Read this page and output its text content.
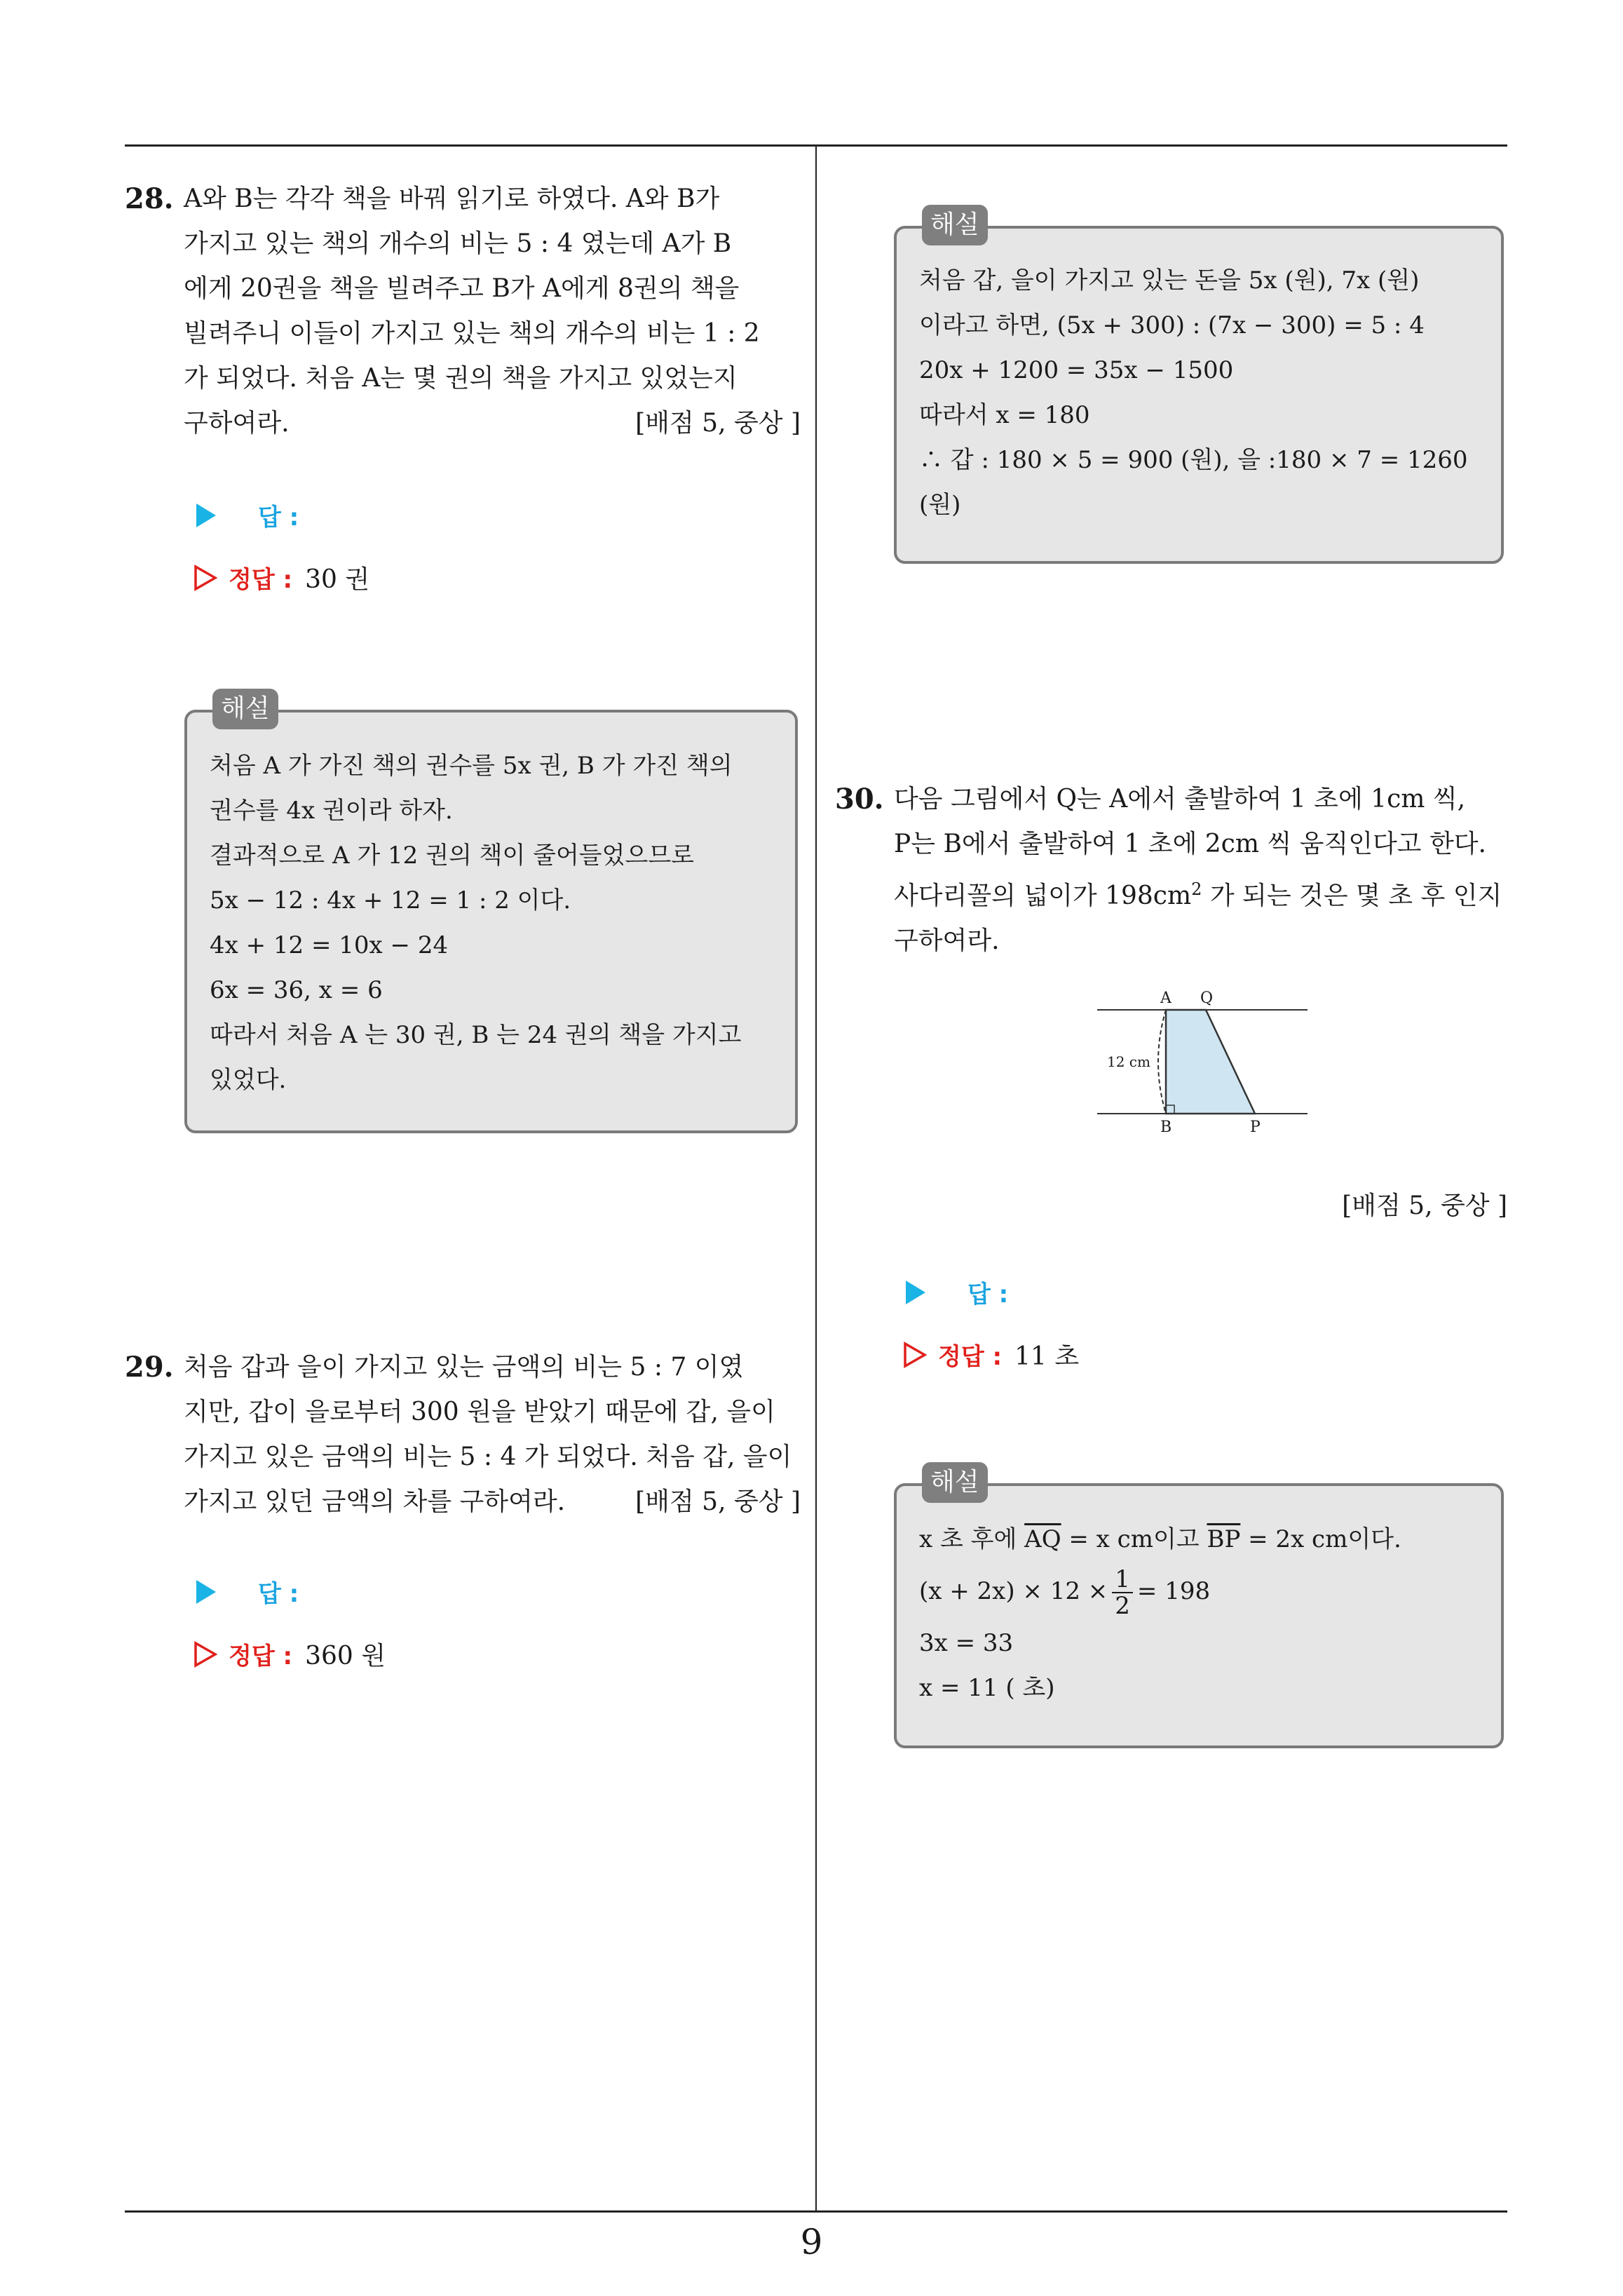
28. A와 B는 각각 책을 바꿔 읽기로 하였다. A와 B가
가지고 있는 책의 개수의 비는 5 : 4 였는데 A가 B
에게 20권을 책을 빌려주고 B가 A에게 8권의 책을
빌려주니 이들이 가지고 있는 책의 개수의 비는 1 : 2
가 되었다. 처음 A는 몇 권의 책을 가지고 있었는지
구하여라.	[배점 5, 중상 ]
답 :
정답 : 30 권
해설
처음 A 가 가진 책의 권수를 5x 권, B 가 가진 책의
권수를 4x 권이라 하자.
결과적으로 A 가 12 권의 책이 줄어들었으므로
5x − 12 : 4x + 12 = 1 : 2 이다.
4x + 12 = 10x − 24
6x = 36, x = 6
따라서 처음 A 는 30 권, B 는 24 권의 책을 가지고
있었다.
29. 처음 갑과 을이 가지고 있는 금액의 비는 5 : 7 이였
지만, 갑이 을로부터 300 원을 받았기 때문에 갑, 을이
가지고 있은 금액의 비는 5 : 4 가 되었다. 처음 갑, 을이
가지고 있던 금액의 차를 구하여라.	[배점 5, 중상 ]
답 :
정답 : 360 원
해설
처음 갑, 을이 가지고 있는 돈을 5x (원), 7x (원)
이라고 하면, (5x + 300) : (7x − 300) = 5 : 4
20x + 1200 = 35x − 1500
따라서 x = 180
∴ 갑 : 180 × 5 = 900 (원), 을 :180 × 7 = 1260
(원)
30. 다음 그림에서 Q는 A에서 출발하여 1 초에 1cm 씩,
P는 B에서 출발하여 1 초에 2cm 씩 움직인다고 한다.
사다리꼴의 넓이가 $198cm^2$ 가 되는 것은 몇 초 후 인지
구하여라.
A Q
B	P
12 cm
[배점 5, 중상 ]
답 :
정답 : 11 초
해설
x 초 후에 $\overline{AQ} = x$ cm이고 $\overline{BP} = 2x$ cm이다.
$(x + 2x) \times 12 \times \frac{1}{2} = 198$
3x = 33
x = 11 ( 초)
9
